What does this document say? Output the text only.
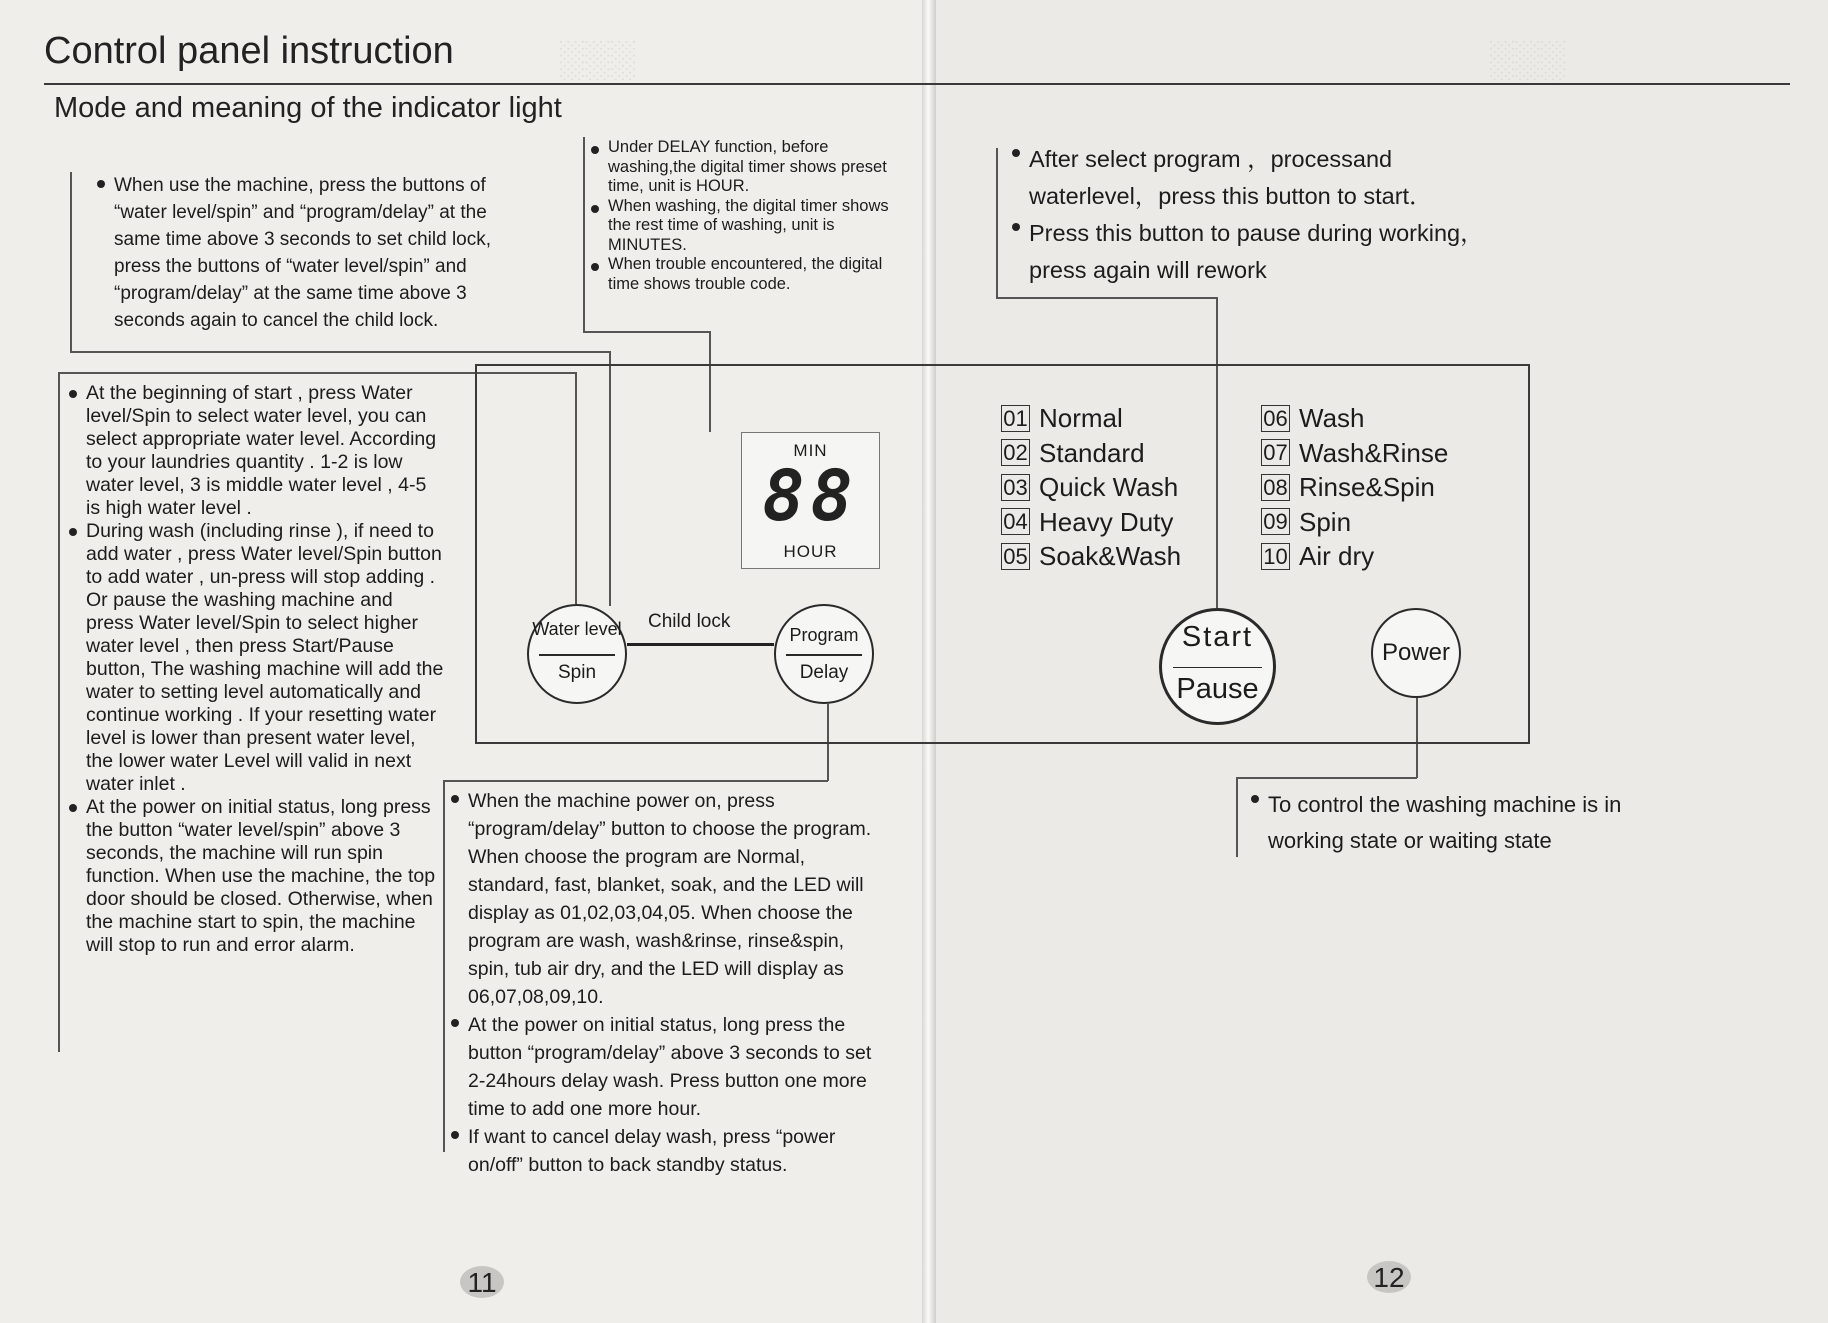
░░░	░░░
Control panel instruction
Mode and meaning of the indicator light

When use the machine, press the buttons of “water level/spin” and “program/delay” at the same time above 3 seconds to set child lock, press the buttons of “water level/spin” and “program/delay” at the same time above 3 seconds again to cancel the child lock.

Under DELAY function, before washing,the digital timer shows preset time, unit is HOUR.

When washing, the digital timer shows the rest time of washing, unit is MINUTES.

When trouble encountered, the digital time shows trouble code.

At the beginning of start , press Water level/Spin to select water level, you can select appropriate water level. According to your laundries quantity . 1-2 is low water level, 3 is middle water level , 4-5 is high water level .

During wash (including rinse ), if need to add water , press Water level/Spin button to add water , un-press will stop adding . Or pause the washing machine and press Water level/Spin to select higher water level , then press Start/Pause button, The washing machine will add the water to setting level automatically and continue working . If your resetting water level is lower than present water level, the lower water Level will valid in next water inlet .

At the power on initial status, long press the button “water level/spin” above 3 seconds, the machine will run spin function. When use the machine, the top door should be closed. Otherwise, when the machine start to spin, the machine will stop to run and error alarm.

MIN
88
HOUR
Water level
Spin
Child lock
Program
Delay
01 Normal
02 Standard
03 Quick Wash
04 Heavy Duty
05 Soak&Wash
06 Wash
07 Wash&Rinse
08 Rinse&Spin
09 Spin
10 Air dry
Start
Pause
Power

When the machine power on, press “program/delay” button to choose the program. When choose the program are Normal, standard, fast, blanket, soak, and the LED will display as 01,02,03,04,05. When choose the program are wash, wash&rinse, rinse&spin, spin, tub air dry, and the LED will display as 06,07,08,09,10.

At the power on initial status, long press the button “program/delay” above 3 seconds to set 2-24hours delay wash. Press button one more time to add one more hour.

If want to cancel delay wash, press “power on/off” button to back standby status.

After select program ，processand waterlevel，press this button to start．

Press this button to pause during working，press again will rework

To control the washing machine is in working state or waiting state

11	12
